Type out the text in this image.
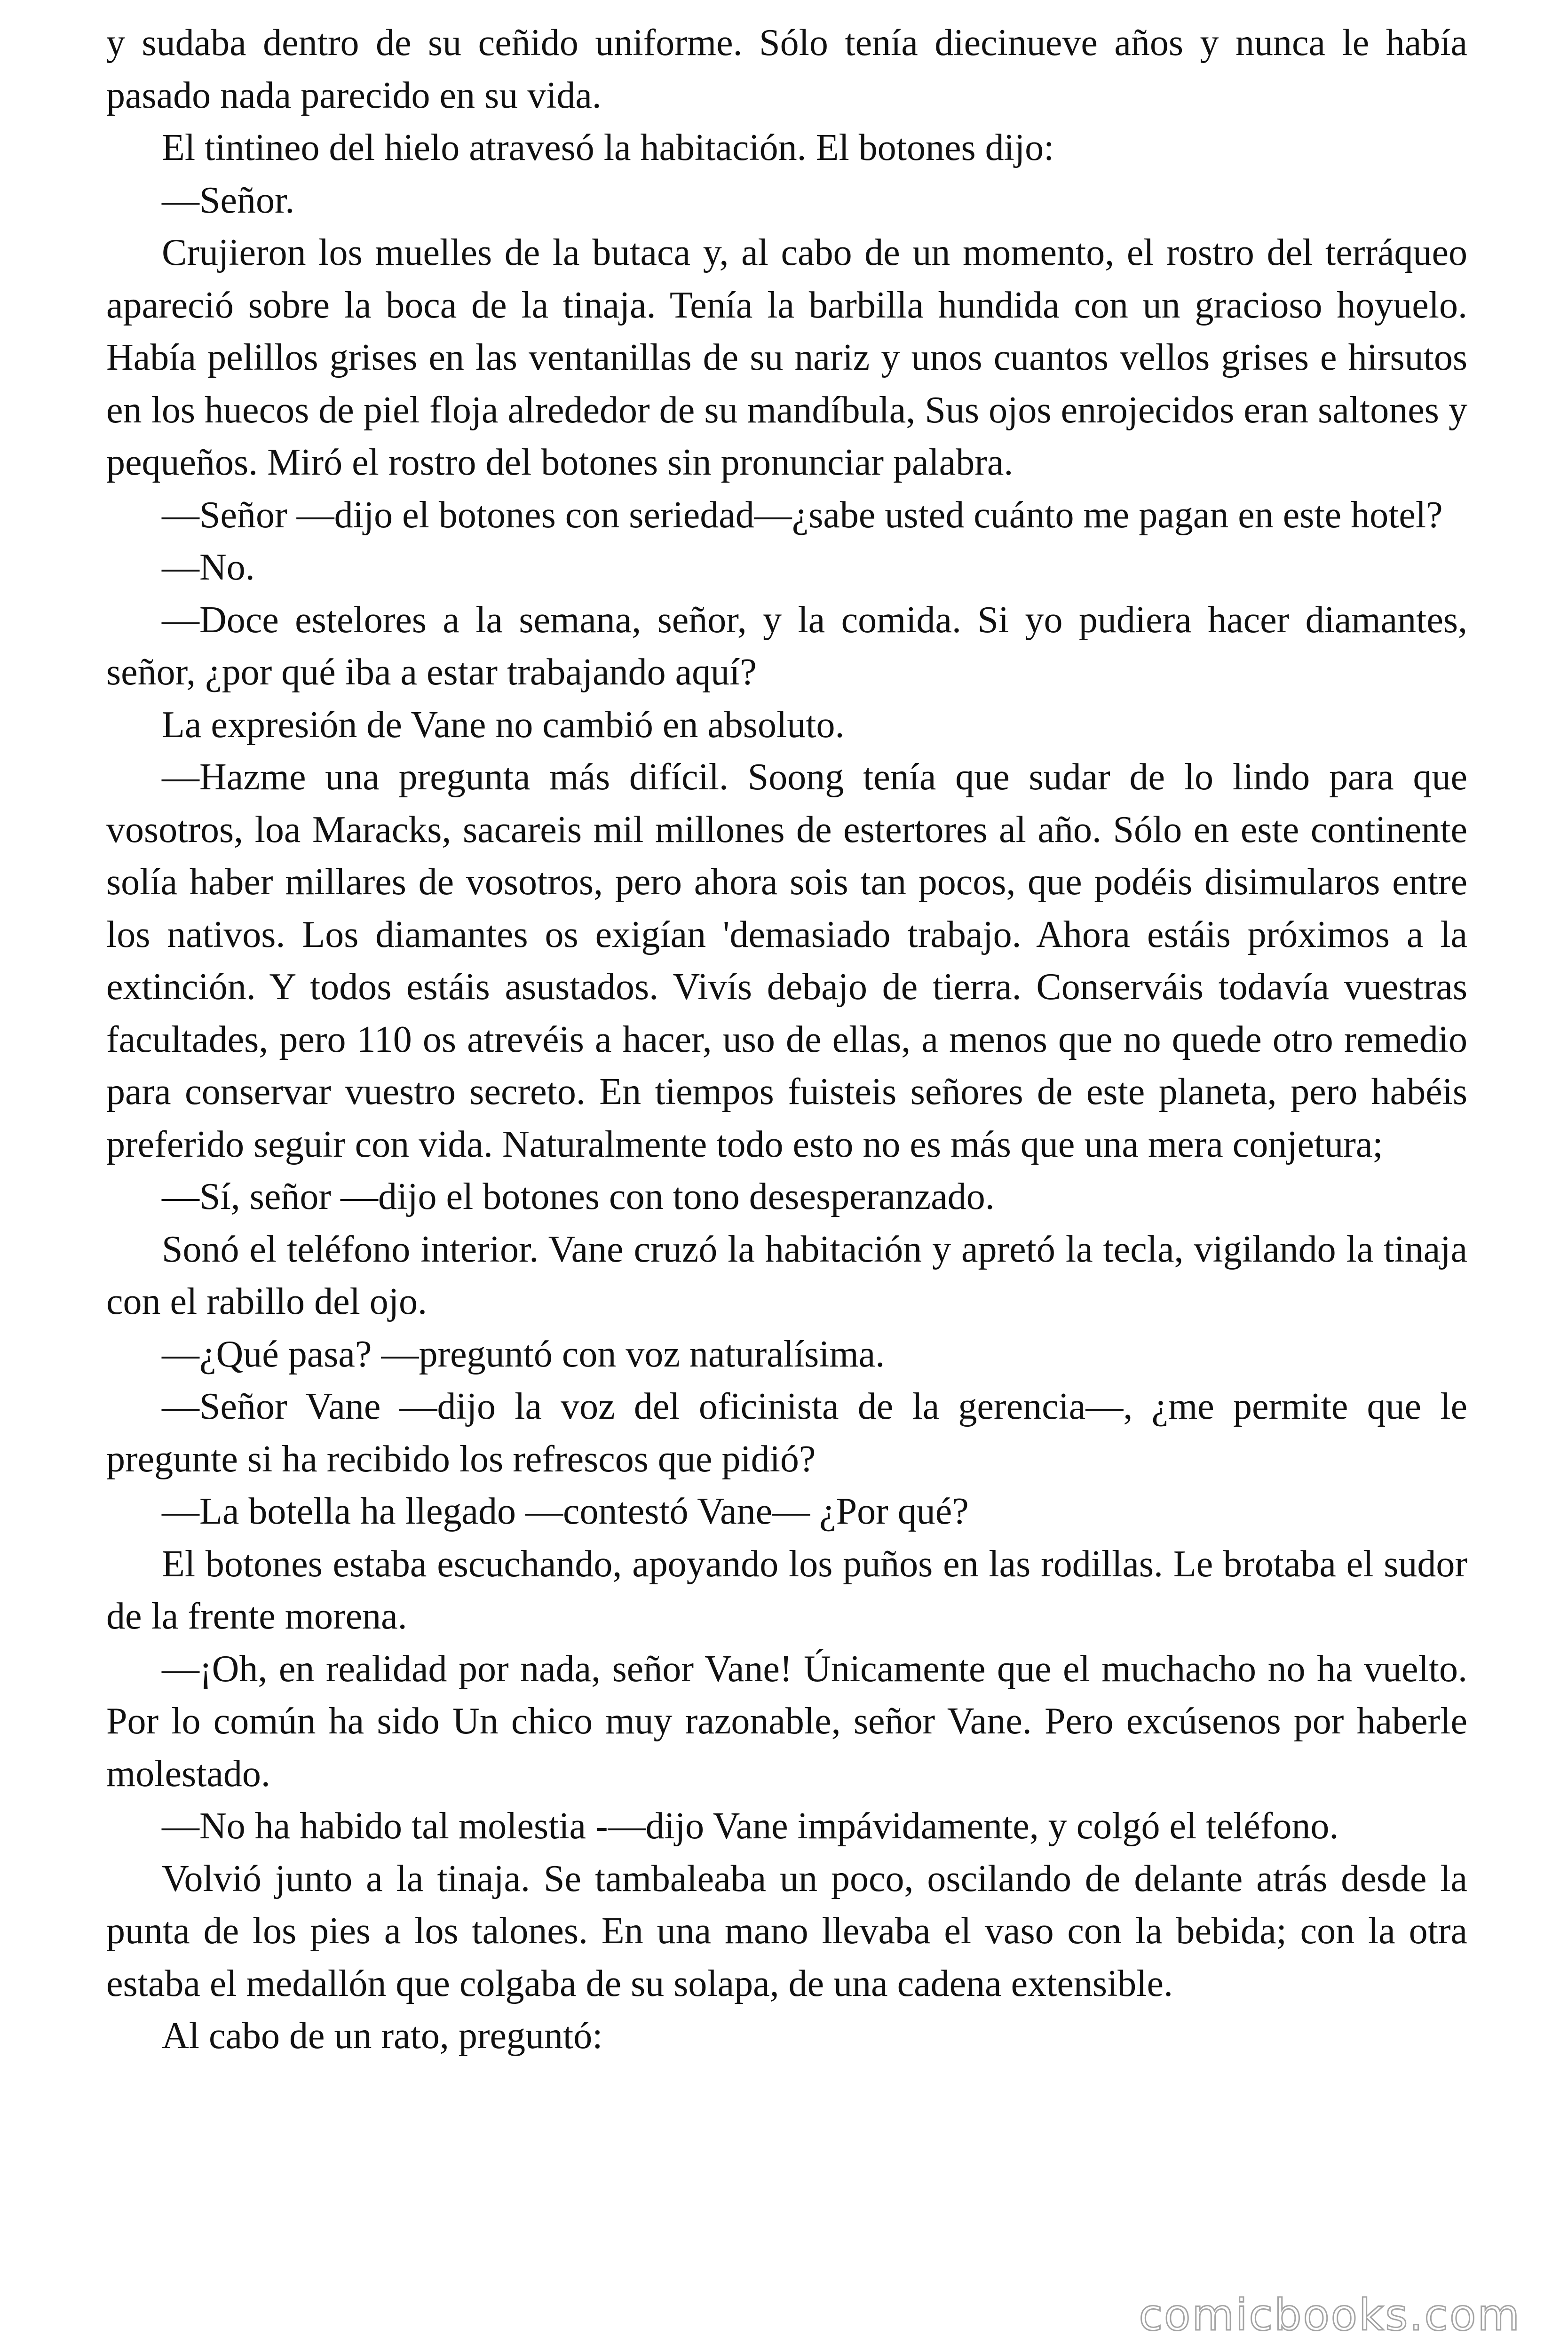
y sudaba dentro de su ceñido uniforme. Sólo tenía diecinueve años y nunca le había pasado nada parecido en su vida.

El tintineo del hielo atravesó la habitación. El botones dijo:

—Señor.

Crujieron los muelles de la butaca y, al cabo de un momento, el rostro del terráqueo apareció sobre la boca de la tinaja. Tenía la barbilla hundida con un gracioso hoyuelo. Había pelillos grises en las ventanillas de su nariz y unos cuantos vellos grises e hirsutos en los huecos de piel floja alrededor de su mandíbula, Sus ojos enrojecidos eran saltones y pequeños. Miró el rostro del botones sin pronunciar palabra.

—Señor —dijo el botones con seriedad—¿sabe usted cuánto me pagan en este hotel?

—No.

—Doce estelores a la semana, señor, y la comida. Si yo pudiera hacer diamantes, señor, ¿por qué iba a estar trabajando aquí?

La expresión de Vane no cambió en absoluto.

—Hazme una pregunta más difícil. Soong tenía que sudar de lo lindo para que vosotros, loa Maracks, sacareis mil millones de estertores al año. Sólo en este continente solía haber millares de vosotros, pero ahora sois tan pocos, que podéis disimularos entre los nativos. Los diamantes os exigían 'demasiado trabajo. Ahora estáis próximos a la extinción. Y todos estáis asustados. Vivís debajo de tierra. Conserváis todavía vuestras facultades, pero 110 os atrevéis a hacer, uso de ellas, a menos que no quede otro remedio para conservar vuestro secreto. En tiempos fuisteis señores de este planeta, pero habéis preferido seguir con vida. Naturalmente todo esto no es más que una mera conjetura;

—Sí, señor —dijo el botones con tono desesperanzado.

Sonó el teléfono interior. Vane cruzó la habitación y apretó la tecla, vigilando la tinaja con el rabillo del ojo.

—¿Qué pasa? —preguntó con voz naturalísima.

—Señor Vane —dijo la voz del oficinista de la gerencia—, ¿me permite que le pregunte si ha recibido los refrescos que pidió?

—La botella ha llegado —contestó Vane— ¿Por qué?

El botones estaba escuchando, apoyando los puños en las rodillas. Le brotaba el sudor de la frente morena.

—¡Oh, en realidad por nada, señor Vane! Únicamente que el muchacho no ha vuelto. Por lo común ha sido Un chico muy razonable, señor Vane. Pero excúsenos por haberle molestado.

—No ha habido tal molestia -—dijo Vane impávidamente, y colgó el teléfono.

Volvió junto a la tinaja. Se tambaleaba un poco, oscilando de delante atrás desde la punta de los pies a los talones. En una mano llevaba el vaso con la bebida; con la otra estaba el medallón que colgaba de su solapa, de una cadena extensible.

Al cabo de un rato, preguntó:

comicbooks.com
